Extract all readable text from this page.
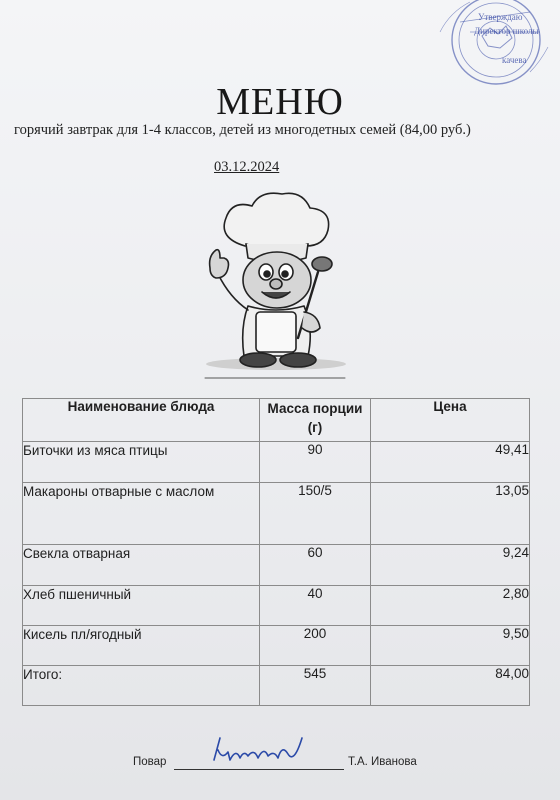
Утверждаю
Директор школы
качева
МЕНЮ
горячий завтрак для 1-4 классов, детей из многодетных семей (84,00 руб.)
03.12.2024
Наименование блюда	Масса порции (г)	Цена
Биточки из мяса птицы	90	49,41
Макароны отварные с маслом	150/5	13,05
Свекла отварная	60	9,24
Хлеб пшеничный	40	2,80
Кисель пл/ягодный	200	9,50
Итого:	545	84,00
Повар	Т.А. Иванова
